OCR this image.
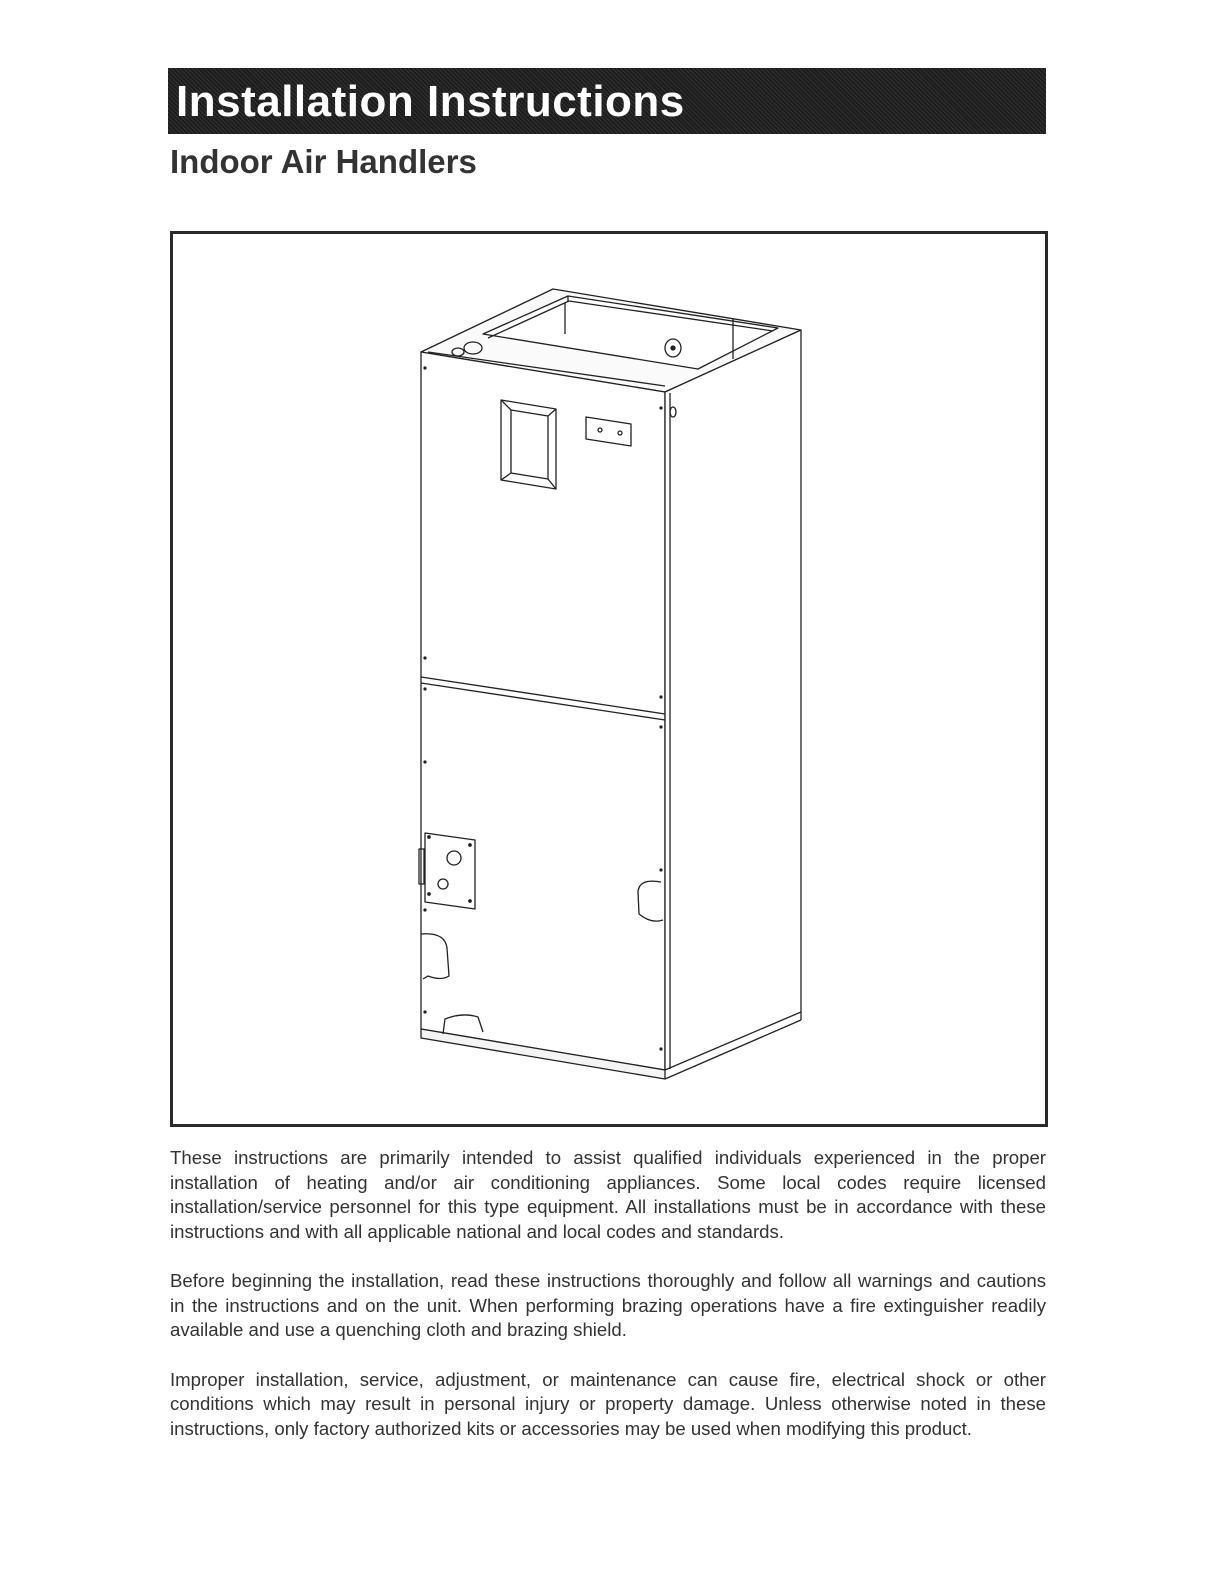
Installation Instructions
Indoor Air Handlers

These instructions are primarily intended to assist qualified individuals experienced in the proper installation of heating and/or air conditioning appliances. Some local codes require licensed installation/service personnel for this type equipment. All installations must be in accordance with these instructions and with all applicable national and local codes and standards.

Before beginning the installation, read these instructions thoroughly and follow all warnings and cautions in the instructions and on the unit. When performing brazing operations have a fire extinguisher readily available and use a quenching cloth and brazing shield.

Improper installation, service, adjustment, or maintenance can cause fire, electrical shock or other conditions which may result in personal injury or property damage. Unless otherwise noted in these instructions, only factory authorized kits or accessories may be used when modifying this product.
